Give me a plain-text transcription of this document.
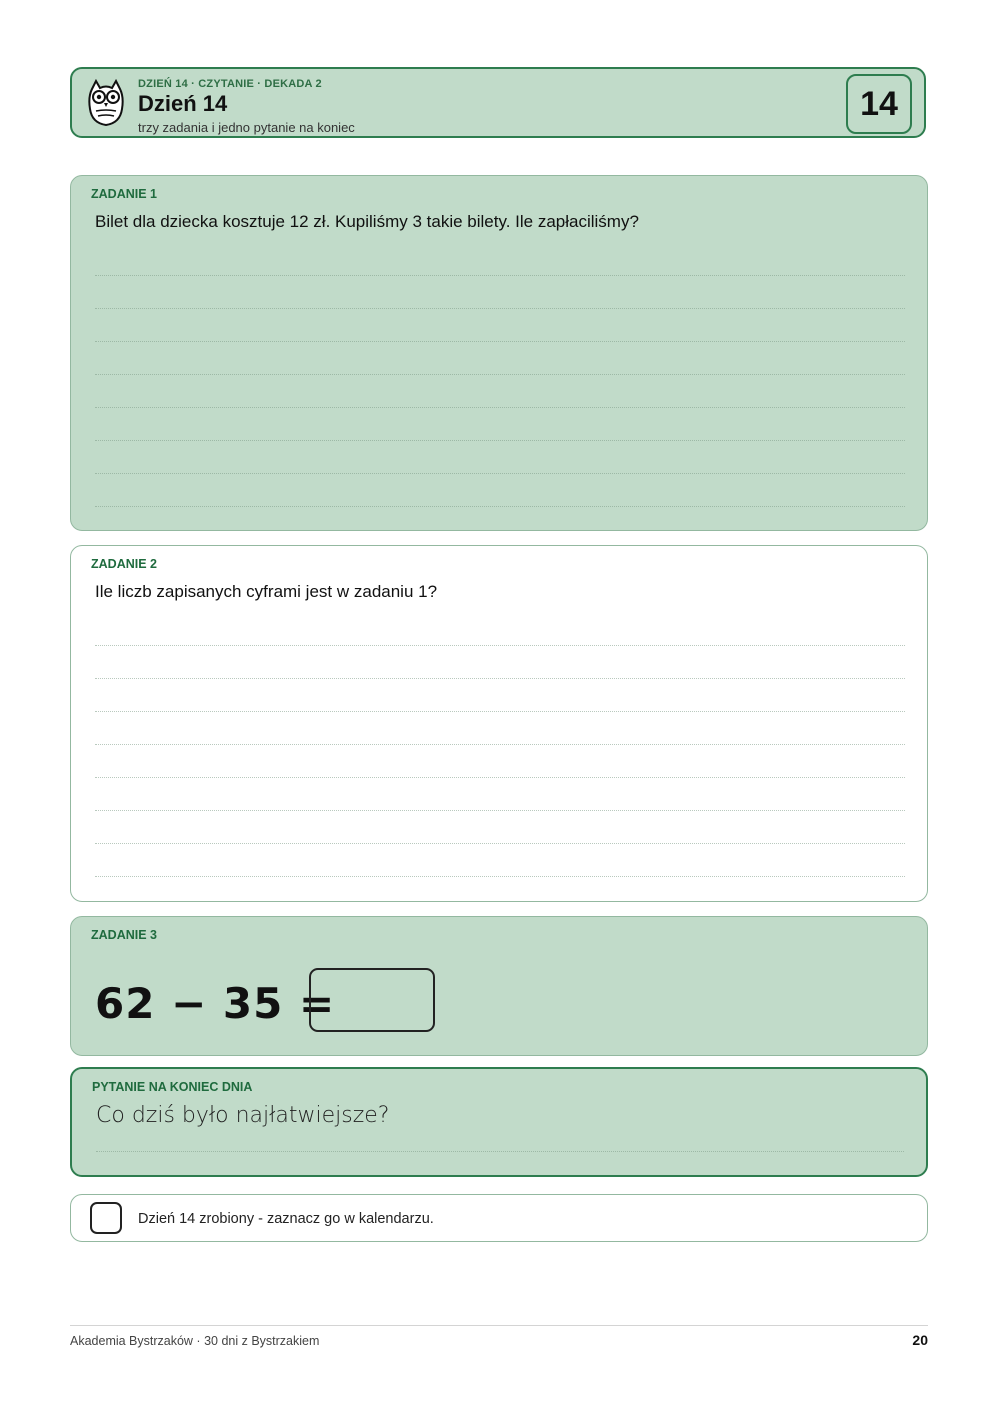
DZIEŃ 14 · CZYTANIE · DEKADA 2
Dzień 14
trzy zadania i jedno pytanie na koniec
14
ZADANIE 1
Bilet dla dziecka kosztuje 12 zł. Kupiliśmy 3 takie bilety. Ile zapłaciliśmy?
ZADANIE 2
Ile liczb zapisanych cyframi jest w zadaniu 1?
ZADANIE 3
62 − 35 =
PYTANIE NA KONIEC DNIA
Co dziś było najłatwiejsze?
Dzień 14 zrobiony - zaznacz go w kalendarzu.
Akademia Bystrzaków · 30 dni z Bystrzakiem	20
